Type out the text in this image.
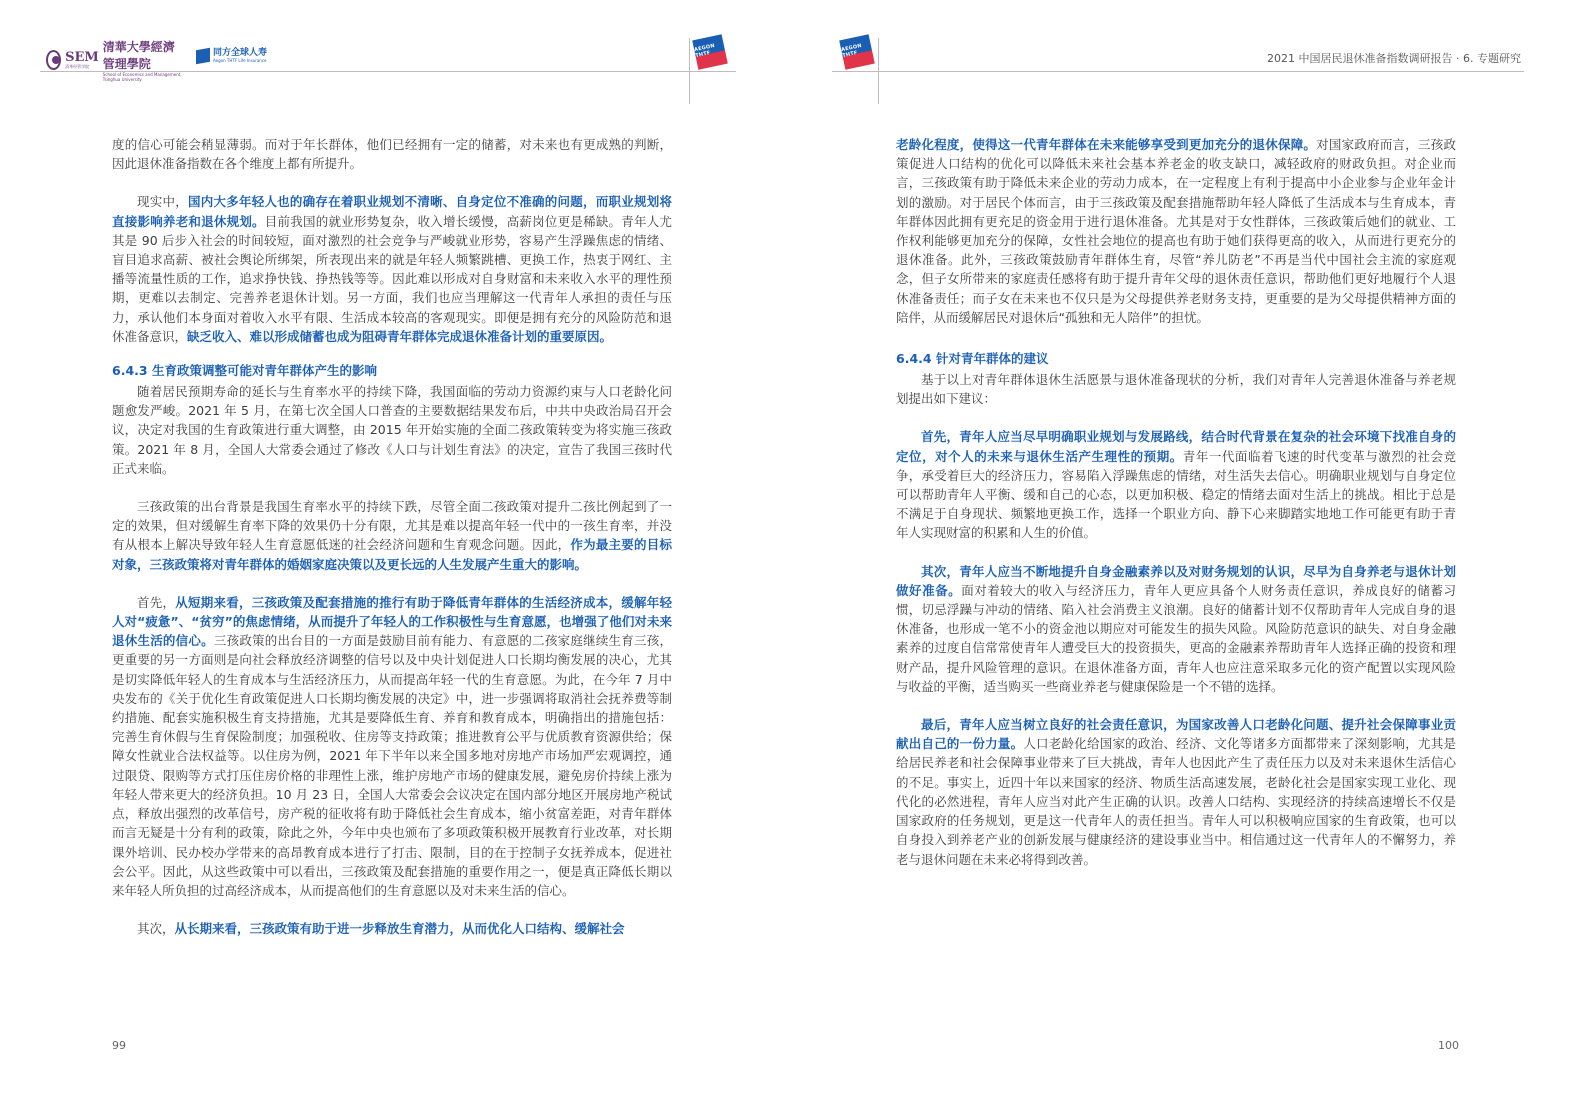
SEM
清华经管学院
清華大學經濟管理學院
School of Economics and Management, Tsinghua University
同方全球人寿
Aegon THTF Life Insurance
AEGON THTF
AEGON THTF	2021 中国居民退休准备指数调研报告 · 6. 专题研究

度的信心可能会稍显薄弱。而对于年长群体，他们已经拥有一定的储蓄，对未来也有更成熟的判断，因此退休准备指数在各个维度上都有所提升。

现实中，国内大多年轻人也的确存在着职业规划不清晰、自身定位不准确的问题，而职业规划将直接影响养老和退休规划。目前我国的就业形势复杂，收入增长缓慢，高薪岗位更是稀缺。青年人尤其是 90 后步入社会的时间较短，面对激烈的社会竞争与严峻就业形势，容易产生浮躁焦虑的情绪、盲目追求高薪、被社会舆论所绑架，所表现出来的就是年轻人频繁跳槽、更换工作，热衷于网红、主播等流量性质的工作，追求挣快钱、挣热钱等等。因此难以形成对自身财富和未来收入水平的理性预期，更难以去制定、完善养老退休计划。另一方面，我们也应当理解这一代青年人承担的责任与压力，承认他们本身面对着收入水平有限、生活成本较高的客观现实。即便是拥有充分的风险防范和退休准备意识，缺乏收入、难以形成储蓄也成为阻碍青年群体完成退休准备计划的重要原因。

6.4.3 生育政策调整可能对青年群体产生的影响

随着居民预期寿命的延长与生育率水平的持续下降，我国面临的劳动力资源约束与人口老龄化问题愈发严峻。2021 年 5 月，在第七次全国人口普查的主要数据结果发布后，中共中央政治局召开会议，决定对我国的生育政策进行重大调整，由 2015 年开始实施的全面二孩政策转变为将实施三孩政策。2021 年 8 月，全国人大常委会通过了修改《人口与计划生育法》的决定，宣告了我国三孩时代正式来临。

三孩政策的出台背景是我国生育率水平的持续下跌，尽管全面二孩政策对提升二孩比例起到了一定的效果，但对缓解生育率下降的效果仍十分有限，尤其是难以提高年轻一代中的一孩生育率，并没有从根本上解决导致年轻人生育意愿低迷的社会经济问题和生育观念问题。因此，作为最主要的目标对象，三孩政策将对青年群体的婚姻家庭决策以及更长远的人生发展产生重大的影响。

首先，从短期来看，三孩政策及配套措施的推行有助于降低青年群体的生活经济成本，缓解年轻人对“疲惫”、“贫穷”的焦虑情绪，从而提升了年轻人的工作积极性与生育意愿，也增强了他们对未来退休生活的信心。三孩政策的出台目的一方面是鼓励目前有能力、有意愿的二孩家庭继续生育三孩，更重要的另一方面则是向社会释放经济调整的信号以及中央计划促进人口长期均衡发展的决心，尤其是切实降低年轻人的生育成本与生活经济压力，从而提高年轻一代的生育意愿。为此，在今年 7 月中央发布的《关于优化生育政策促进人口长期均衡发展的决定》中，进一步强调将取消社会抚养费等制约措施、配套实施积极生育支持措施，尤其是要降低生育、养育和教育成本，明确指出的措施包括：完善生育休假与生育保险制度；加强税收、住房等支持政策；推进教育公平与优质教育资源供给；保障女性就业合法权益等。以住房为例，2021 年下半年以来全国多地对房地产市场加严宏观调控，通过限贷、限购等方式打压住房价格的非理性上涨，维护房地产市场的健康发展，避免房价持续上涨为年轻人带来更大的经济负担。10 月 23 日，全国人大常委会会议决定在国内部分地区开展房地产税试点，释放出强烈的改革信号，房产税的征收将有助于降低社会生育成本，缩小贫富差距，对青年群体而言无疑是十分有利的政策，除此之外，今年中央也颁布了多项政策积极开展教育行业改革，对长期课外培训、民办校办学带来的高昂教育成本进行了打击、限制，目的在于控制子女抚养成本，促进社会公平。因此，从这些政策中可以看出，三孩政策及配套措施的重要作用之一，便是真正降低长期以来年轻人所负担的过高经济成本，从而提高他们的生育意愿以及对未来生活的信心。

其次，从长期来看，三孩政策有助于进一步释放生育潜力，从而优化人口结构、缓解社会

99

老龄化程度，使得这一代青年群体在未来能够享受到更加充分的退休保障。对国家政府而言，三孩政策促进人口结构的优化可以降低未来社会基本养老金的收支缺口，减轻政府的财政负担。对企业而言，三孩政策有助于降低未来企业的劳动力成本，在一定程度上有利于提高中小企业参与企业年金计划的激励。对于居民个体而言，由于三孩政策及配套措施帮助年轻人降低了生活成本与生育成本，青年群体因此拥有更充足的资金用于进行退休准备。尤其是对于女性群体，三孩政策后她们的就业、工作权利能够更加充分的保障，女性社会地位的提高也有助于她们获得更高的收入，从而进行更充分的退休准备。此外，三孩政策鼓励青年群体生育，尽管“养儿防老”不再是当代中国社会主流的家庭观念，但子女所带来的家庭责任感将有助于提升青年父母的退休责任意识，帮助他们更好地履行个人退休准备责任；而子女在未来也不仅只是为父母提供养老财务支持，更重要的是为父母提供精神方面的陪伴，从而缓解居民对退休后“孤独和无人陪伴”的担忧。

6.4.4 针对青年群体的建议

基于以上对青年群体退休生活愿景与退休准备现状的分析，我们对青年人完善退休准备与养老规划提出如下建议：

首先，青年人应当尽早明确职业规划与发展路线，结合时代背景在复杂的社会环境下找准自身的定位，对个人的未来与退休生活产生理性的预期。青年一代面临着飞速的时代变革与激烈的社会竞争，承受着巨大的经济压力，容易陷入浮躁焦虑的情绪，对生活失去信心。明确职业规划与自身定位可以帮助青年人平衡、缓和自己的心态，以更加积极、稳定的情绪去面对生活上的挑战。相比于总是不满足于自身现状、频繁地更换工作，选择一个职业方向、静下心来脚踏实地地工作可能更有助于青年人实现财富的积累和人生的价值。

其次，青年人应当不断地提升自身金融素养以及对财务规划的认识，尽早为自身养老与退休计划做好准备。面对着较大的收入与经济压力，青年人更应具备个人财务责任意识，养成良好的储蓄习惯，切忌浮躁与冲动的情绪、陷入社会消费主义浪潮。良好的储蓄计划不仅帮助青年人完成自身的退休准备，也形成一笔不小的资金池以期应对可能发生的损失风险。风险防范意识的缺失、对自身金融素养的过度自信常常使青年人遭受巨大的投资损失，更高的金融素养帮助青年人选择正确的投资和理财产品，提升风险管理的意识。在退休准备方面，青年人也应注意采取多元化的资产配置以实现风险与收益的平衡，适当购买一些商业养老与健康保险是一个不错的选择。

最后，青年人应当树立良好的社会责任意识，为国家改善人口老龄化问题、提升社会保障事业贡献出自己的一份力量。人口老龄化给国家的政治、经济、文化等诸多方面都带来了深刻影响，尤其是给居民养老和社会保障事业带来了巨大挑战，青年人也因此产生了责任压力以及对未来退休生活信心的不足。事实上，近四十年以来国家的经济、物质生活高速发展，老龄化社会是国家实现工业化、现代化的必然进程，青年人应当对此产生正确的认识。改善人口结构、实现经济的持续高速增长不仅是国家政府的任务规划，更是这一代青年人的责任担当。青年人可以积极响应国家的生育政策，也可以自身投入到养老产业的创新发展与健康经济的建设事业当中。相信通过这一代青年人的不懈努力，养老与退休问题在未来必将得到改善。

100
